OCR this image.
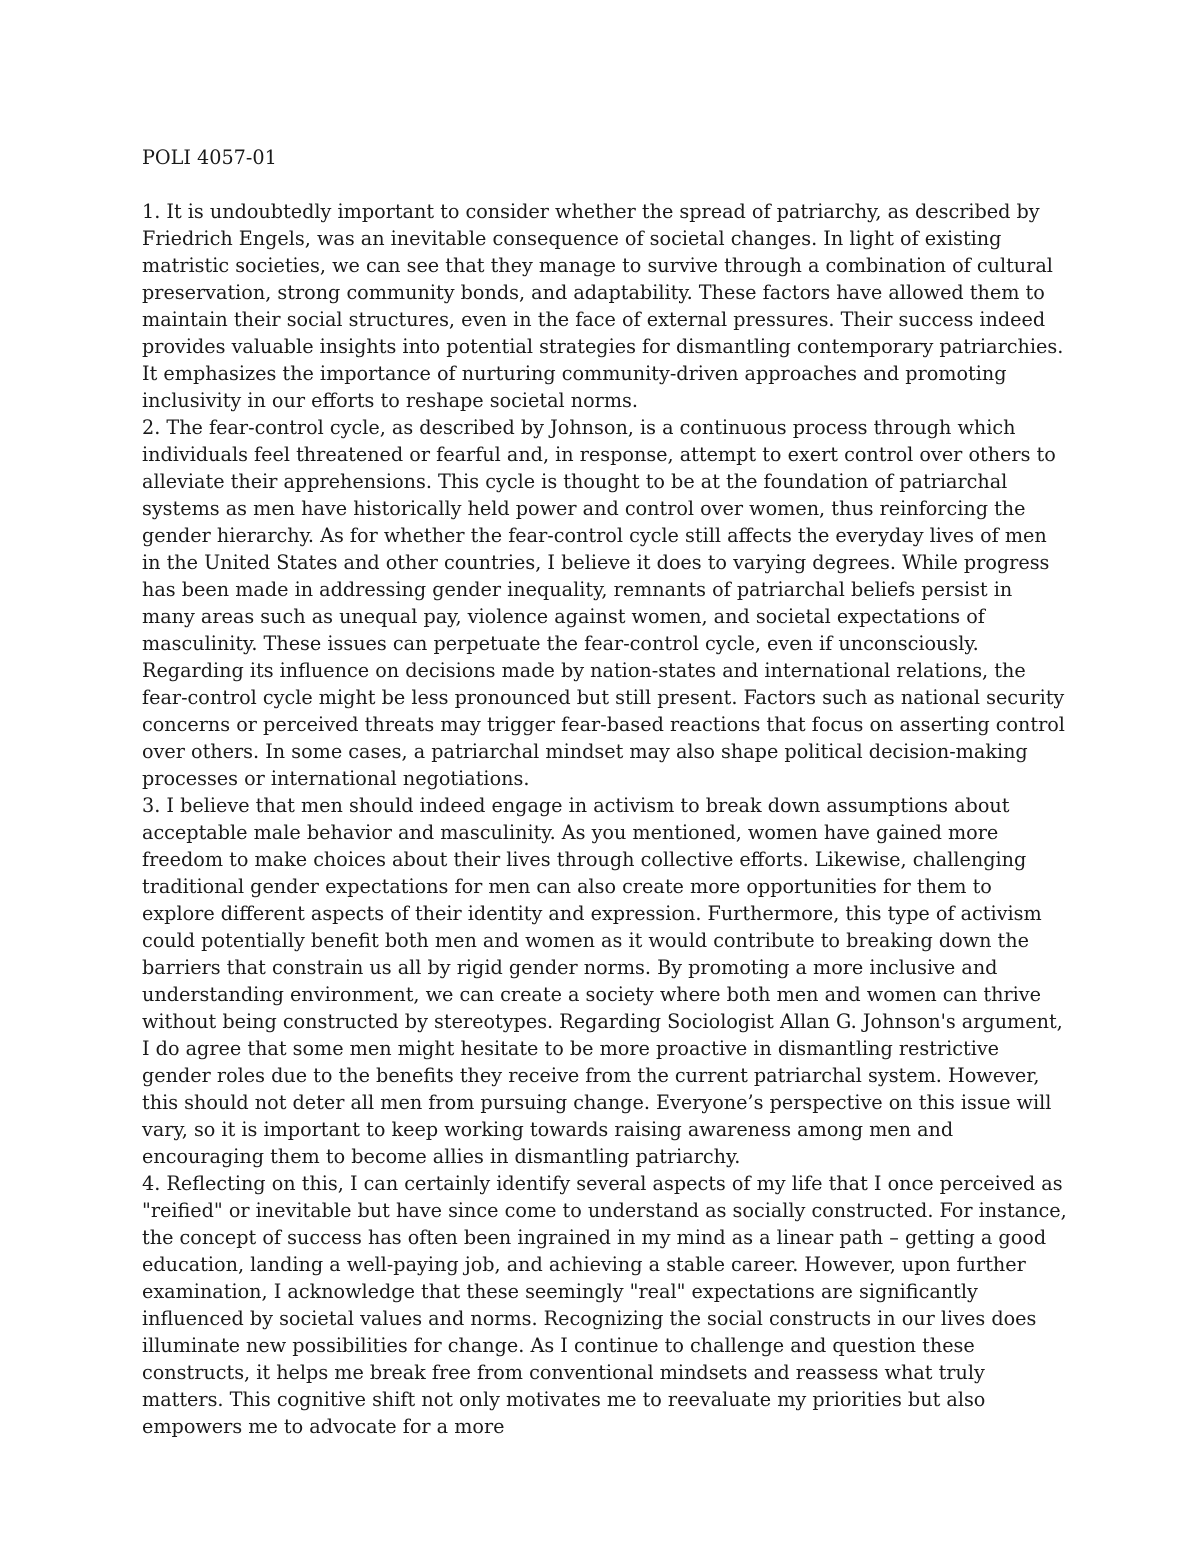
POLI 4057-01

1. It is undoubtedly important to consider whether the spread of patriarchy, as described by Friedrich Engels, was an inevitable consequence of societal changes. In light of existing matristic societies, we can see that they manage to survive through a combination of cultural preservation, strong community bonds, and adaptability. These factors have allowed them to maintain their social structures, even in the face of external pressures. Their success indeed provides valuable insights into potential strategies for dismantling contemporary patriarchies. It emphasizes the importance of nurturing community-driven approaches and promoting inclusivity in our efforts to reshape societal norms.

2. The fear-control cycle, as described by Johnson, is a continuous process through which individuals feel threatened or fearful and, in response, attempt to exert control over others to alleviate their apprehensions. This cycle is thought to be at the foundation of patriarchal systems as men have historically held power and control over women, thus reinforcing the gender hierarchy. As for whether the fear-control cycle still affects the everyday lives of men in the United States and other countries, I believe it does to varying degrees. While progress has been made in addressing gender inequality, remnants of patriarchal beliefs persist in many areas such as unequal pay, violence against women, and societal expectations of masculinity. These issues can perpetuate the fear-control cycle, even if unconsciously. Regarding its influence on decisions made by nation-states and international relations, the fear-control cycle might be less pronounced but still present. Factors such as national security concerns or perceived threats may trigger fear-based reactions that focus on asserting control over others. In some cases, a patriarchal mindset may also shape political decision-making processes or international negotiations.

3. I believe that men should indeed engage in activism to break down assumptions about acceptable male behavior and masculinity. As you mentioned, women have gained more freedom to make choices about their lives through collective efforts. Likewise, challenging traditional gender expectations for men can also create more opportunities for them to explore different aspects of their identity and expression. Furthermore, this type of activism could potentially benefit both men and women as it would contribute to breaking down the barriers that constrain us all by rigid gender norms. By promoting a more inclusive and understanding environment, we can create a society where both men and women can thrive without being constructed by stereotypes. Regarding Sociologist Allan G. Johnson's argument, I do agree that some men might hesitate to be more proactive in dismantling restrictive gender roles due to the benefits they receive from the current patriarchal system. However, this should not deter all men from pursuing change. Everyone’s perspective on this issue will vary, so it is important to keep working towards raising awareness among men and encouraging them to become allies in dismantling patriarchy.

4. Reflecting on this, I can certainly identify several aspects of my life that I once perceived as "reified" or inevitable but have since come to understand as socially constructed. For instance, the concept of success has often been ingrained in my mind as a linear path – getting a good education, landing a well-paying job, and achieving a stable career. However, upon further examination, I acknowledge that these seemingly "real" expectations are significantly influenced by societal values and norms. Recognizing the social constructs in our lives does illuminate new possibilities for change. As I continue to challenge and question these constructs, it helps me break free from conventional mindsets and reassess what truly matters. This cognitive shift not only motivates me to reevaluate my priorities but also empowers me to advocate for a more
